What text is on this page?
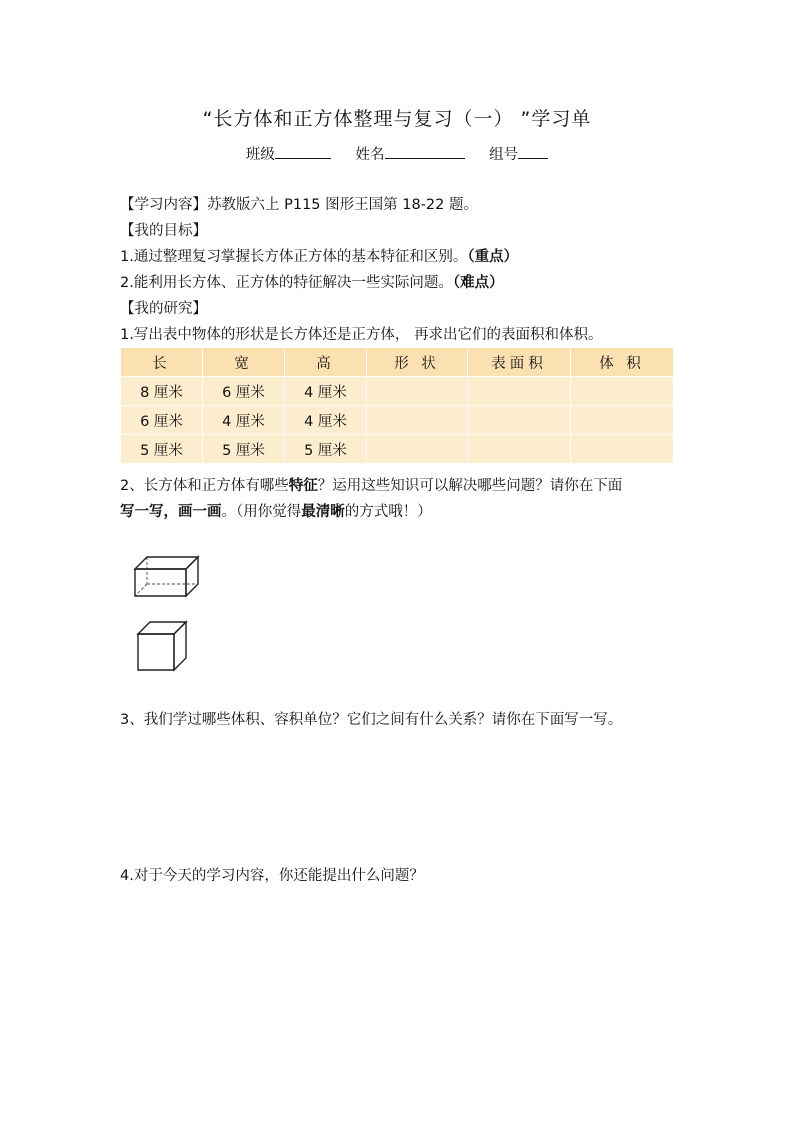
“长方体和正方体整理与复习（一） ”学习单
班级	姓名	组号
【学习内容】苏教版六上 P115 图形王国第 18-22 题。
【我的目标】
1.通过整理复习掌握长方体正方体的基本特征和区别。（重点）
2.能利用长方体、正方体的特征解决一些实际问题。（难点）
【我的研究】
1.写出表中物体的形状是长方体还是正方体， 再求出它们的表面积和体积。
长	宽	高	形 状	表面积	体 积
8 厘米	6 厘米	4 厘米			
6 厘米	4 厘米	4 厘米			
5 厘米	5 厘米	5 厘米			
2、长方体和正方体有哪些特征？运用这些知识可以解决哪些问题？请你在下面
写一写，画一画。（用你觉得最清晰的方式哦！）
3、我们学过哪些体积、容积单位？它们之间有什么关系？请你在下面写一写。
4.对于今天的学习内容，你还能提出什么问题？
